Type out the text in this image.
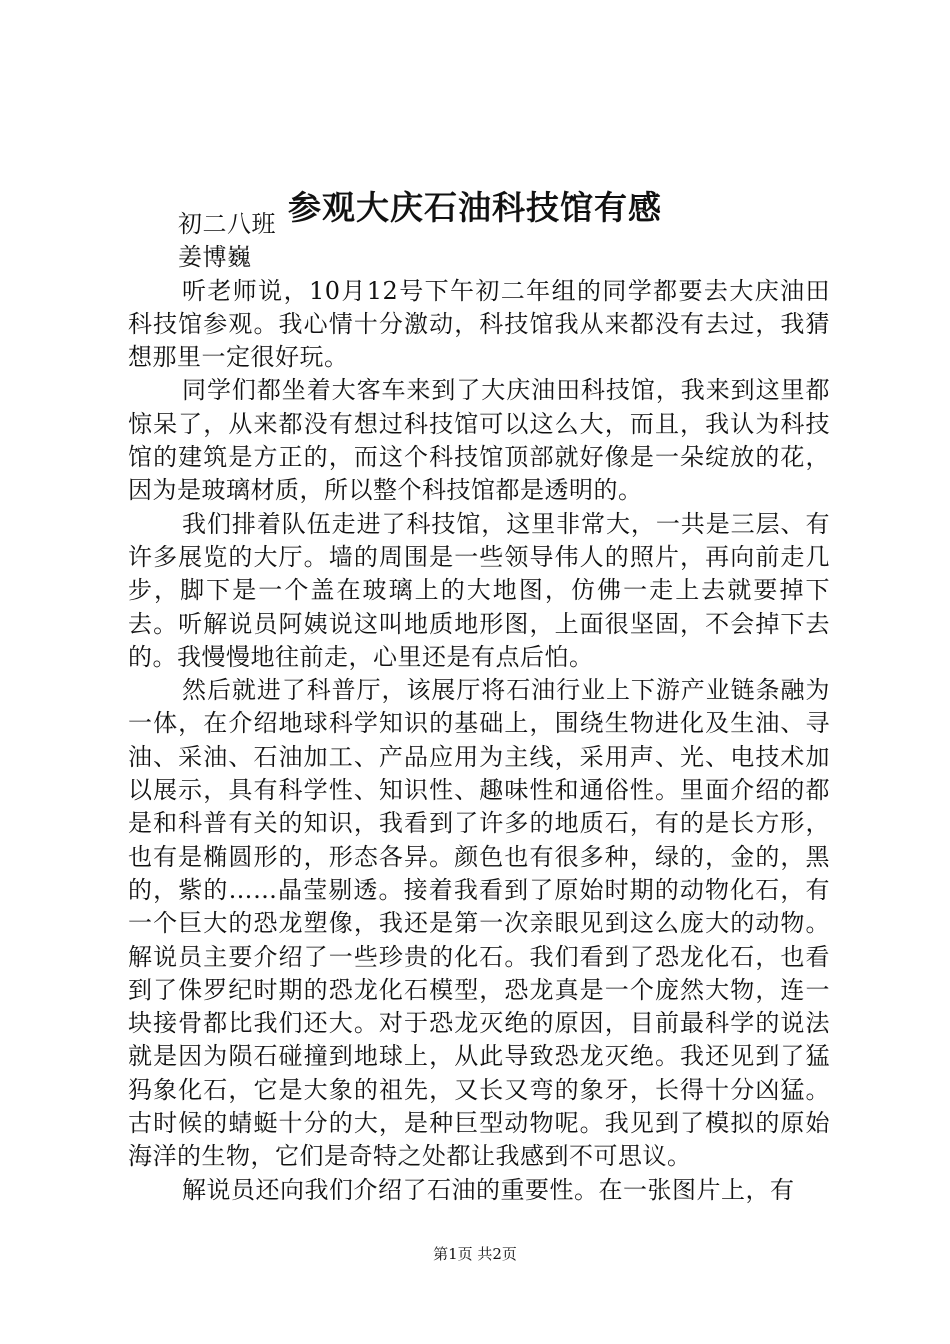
参观大庆石油科技馆有感
初二八班
姜博巍

听老师说，10月12号下午初二年组的同学都要去大庆油田科技馆参观。我心情十分激动，科技馆我从来都没有去过，我猜想那里一定很好玩。

同学们都坐着大客车来到了大庆油田科技馆，我来到这里都惊呆了，从来都没有想过科技馆可以这么大，而且，我认为科技馆的建筑是方正的，而这个科技馆顶部就好像是一朵绽放的花，因为是玻璃材质，所以整个科技馆都是透明的。

我们排着队伍走进了科技馆，这里非常大，一共是三层、有许多展览的大厅。墙的周围是一些领导伟人的照片，再向前走几步，脚下是一个盖在玻璃上的大地图，仿佛一走上去就要掉下去。听解说员阿姨说这叫地质地形图，上面很坚固，不会掉下去的。我慢慢地往前走，心里还是有点后怕。

然后就进了科普厅，该展厅将石油行业上下游产业链条融为一体，在介绍地球科学知识的基础上，围绕生物进化及生油、寻油、采油、石油加工、产品应用为主线，采用声、光、电技术加以展示，具有科学性、知识性、趣味性和通俗性。里面介绍的都是和科普有关的知识，我看到了许多的地质石，有的是长方形，也有是椭圆形的，形态各异。颜色也有很多种，绿的，金的，黑的，紫的……晶莹剔透。接着我看到了原始时期的动物化石，有一个巨大的恐龙塑像，我还是第一次亲眼见到这么庞大的动物。解说员主要介绍了一些珍贵的化石。我们看到了恐龙化石，也看到了侏罗纪时期的恐龙化石模型，恐龙真是一个庞然大物，连一块接骨都比我们还大。对于恐龙灭绝的原因，目前最科学的说法就是因为陨石碰撞到地球上，从此导致恐龙灭绝。我还见到了猛犸象化石，它是大象的祖先，又长又弯的象牙，长得十分凶猛。古时候的蜻蜓十分的大，是种巨型动物呢。我见到了模拟的原始海洋的生物，它们是奇特之处都让我感到不可思议。

解说员还向我们介绍了石油的重要性。在一张图片上，有

第1页 共2页
